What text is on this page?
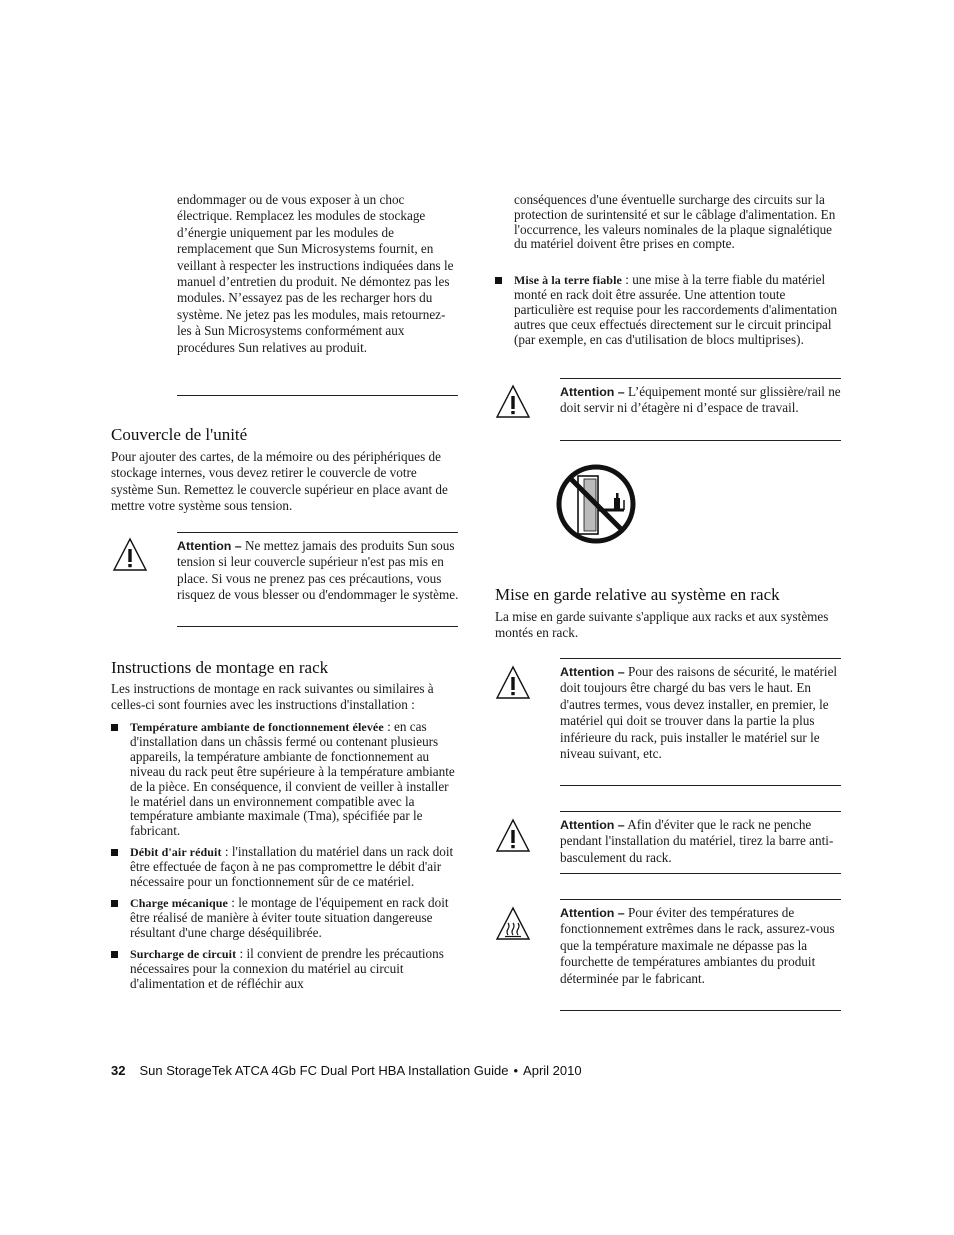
endommager ou de vous exposer à un choc électrique. Remplacez les modules de stockage d’énergie uniquement par les modules de remplacement que Sun Microsystems fournit, en veillant à respecter les instructions indiquées dans le manuel d’entretien du produit. Ne démontez pas les modules. N’essayez pas de les recharger hors du système. Ne jetez pas les modules, mais retournez-les à Sun Microsystems conformément aux procédures Sun relatives au produit.

Couvercle de l'unité

Pour ajouter des cartes, de la mémoire ou des périphériques de stockage internes, vous devez retirer le couvercle de votre système Sun. Remettez le couvercle supérieur en place avant de mettre votre système sous tension.

Attention – Ne mettez jamais des produits Sun sous tension si leur couvercle supérieur n'est pas mis en place. Si vous ne prenez pas ces précautions, vous risquez de vous blesser ou d'endommager le système.

Instructions de montage en rack

Les instructions de montage en rack suivantes ou similaires à celles-ci sont fournies avec les instructions d'installation :

Température ambiante de fonctionnement élevée : en cas d'installation dans un châssis fermé ou contenant plusieurs appareils, la température ambiante de fonctionnement au niveau du rack peut être supérieure à la température ambiante de la pièce. En conséquence, il convient de veiller à installer le matériel dans un environnement compatible avec la température ambiante maximale (Tma), spécifiée par le fabricant.
Débit d'air réduit : l'installation du matériel dans un rack doit être effectuée de façon à ne pas compromettre le débit d'air nécessaire pour un fonctionnement sûr de ce matériel.
Charge mécanique : le montage de l'équipement en rack doit être réalisé de manière à éviter toute situation dangereuse résultant d'une charge déséquilibrée.
Surcharge de circuit : il convient de prendre les précautions nécessaires pour la connexion du matériel au circuit d'alimentation et de réfléchir aux

conséquences d'une éventuelle surcharge des circuits sur la protection de surintensité et sur le câblage d'alimentation. En l'occurrence, les valeurs nominales de la plaque signalétique du matériel doivent être prises en compte.

Mise à la terre fiable : une mise à la terre fiable du matériel monté en rack doit être assurée. Une attention toute particulière est requise pour les raccordements d'alimentation autres que ceux effectués directement sur le circuit principal (par exemple, en cas d'utilisation de blocs multiprises).

Attention – L’équipement monté sur glissière/rail ne doit servir ni d’étagère ni d’espace de travail.

Mise en garde relative au système en rack

La mise en garde suivante s'applique aux racks et aux systèmes montés en rack.

Attention – Pour des raisons de sécurité, le matériel doit toujours être chargé du bas vers le haut. En d'autres termes, vous devez installer, en premier, le matériel qui doit se trouver dans la partie la plus inférieure du rack, puis installer le matériel sur le niveau suivant, etc.

Attention – Afin d'éviter que le rack ne penche pendant l'installation du matériel, tirez la barre anti-basculement du rack.

Attention – Pour éviter des températures de fonctionnement extrêmes dans le rack, assurez-vous que la température maximale ne dépasse pas la fourchette de températures ambiantes du produit déterminée par le fabricant.

32 Sun StorageTek ATCA 4Gb FC Dual Port HBA Installation Guide • April 2010
